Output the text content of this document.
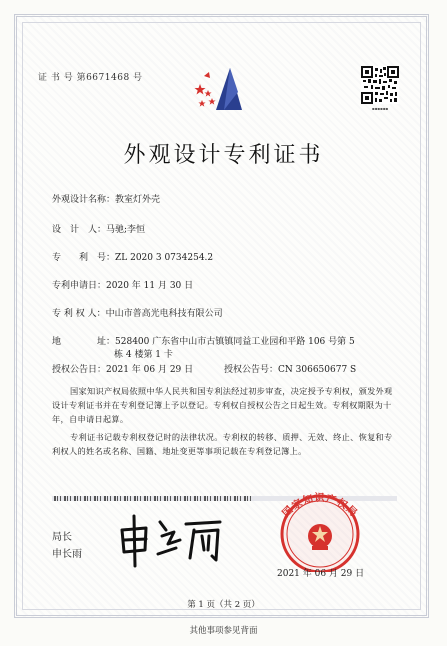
证 书 号 第6671468 号
▪▪▪▪▪▪
外观设计专利证书
外观设计名称：教室灯外壳
设　计　人：马驰;李恒
专　　利　号：ZL 2020 3 0734254.2
专利申请日：2020 年 11 月 30 日
专 利 权 人：中山市普高光电科技有限公司
地　　　　址：528400 广东省中山市古镇镇同益工业园和平路 106 号第 5
栋 4 楼第 1 卡
授权公告日：2021 年 06 月 29 日	授权公告号：CN 306650677 S
国家知识产权局依照中华人民共和国专利法经过初步审查，决定授予专利权，颁发外观
设计专利证书并在专利登记簿上予以登记。专利权自授权公告之日起生效。专利权期限为十
年，自申请日起算。
专利证书记载专利权登记时的法律状况。专利权的转移、质押、无效、终止、恢复和专
利权人的姓名或名称、国籍、地址变更等事项记载在专利登记簿上。
局长
申长雨
国家知识产权局
2021 年 06 月 29 日
第 1 页（共 2 页）
其他事项参见背面
